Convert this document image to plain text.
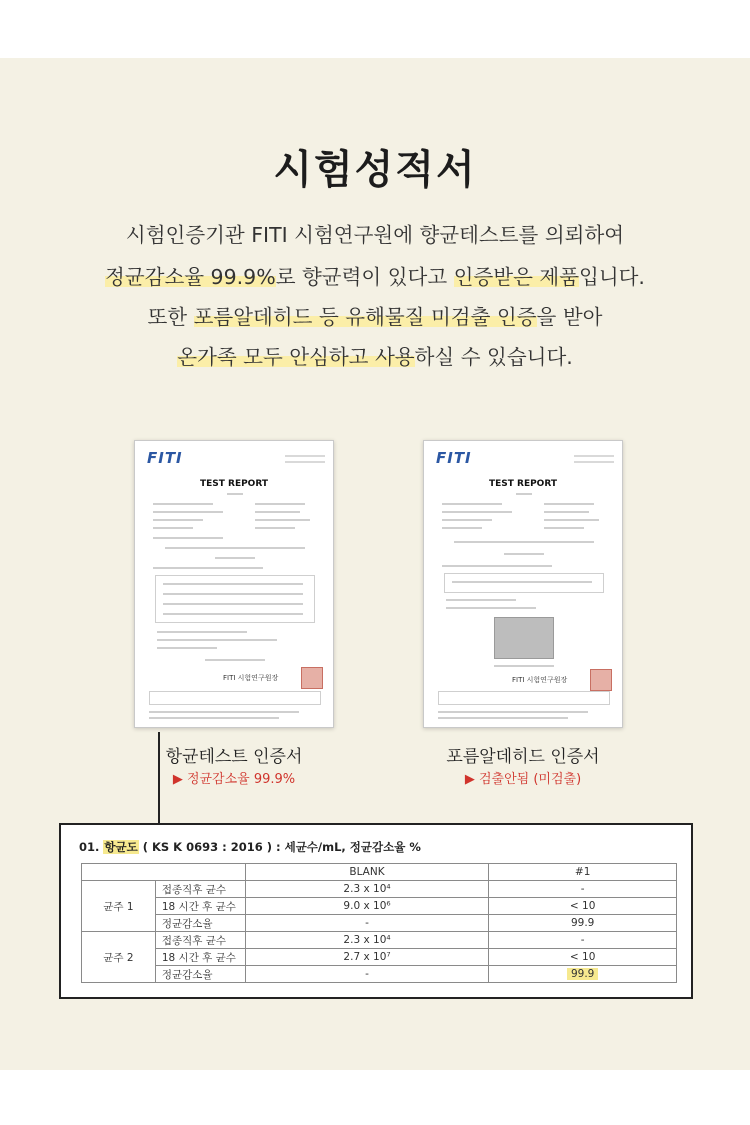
시험성적서

시험인증기관 FITI 시험연구원에 향균테스트를 의뢰하여

정균감소율 99.9%로 향균력이 있다고 인증받은 제품입니다.

또한 포름알데히드 등 유해물질 미검출 인증을 받아

온가족 모두 안심하고 사용하실 수 있습니다.

FITI
TEST REPORT
FITI 시험연구원장
FITI
TEST REPORT
FITI 시험연구원장
항균테스트 인증서
▶ 정균감소율 99.9%
포름알데히드 인증서
▶ 검출안됨 (미검출)
01. 항균도 ( KS K 0693 : 2016 ) : 세균수/mL, 정균감소율 %
		BLANK	#1
균주 1	접종직후 균수	2.3 x 10⁴	-
	18 시간 후 균수	9.0 x 10⁶	< 10
	정균감소율	-	99.9
균주 2	접종직후 균수	2.3 x 10⁴	-
	18 시간 후 균수	2.7 x 10⁷	< 10
	정균감소율	-	99.9
